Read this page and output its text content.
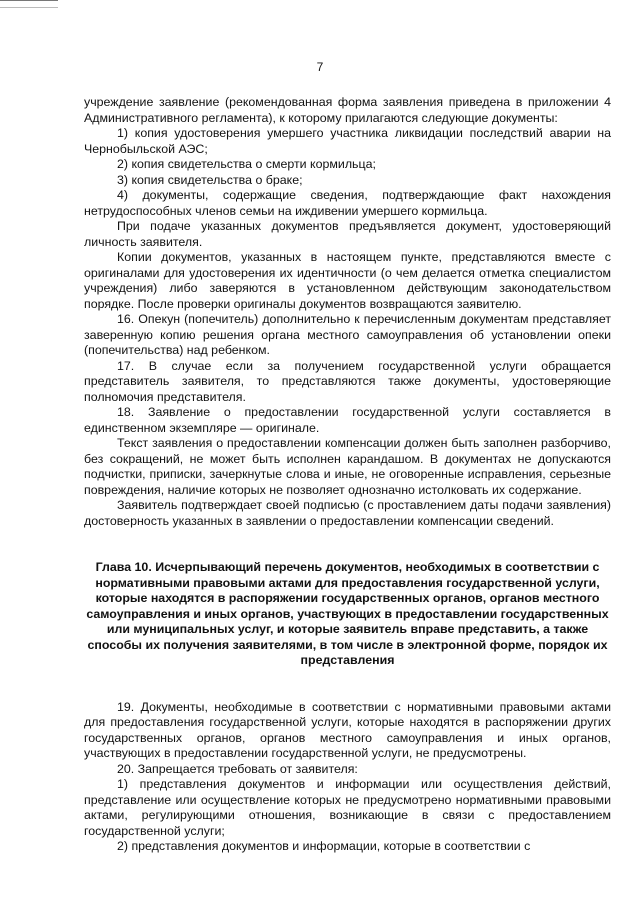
7

учреждение заявление (рекомендованная форма заявления приведена в приложении 4 Административного регламента), к которому прилагаются следующие документы:

1) копия удостоверения умершего участника ликвидации последствий аварии на Чернобыльской АЭС;

2) копия свидетельства о смерти кормильца;

3) копия свидетельства о браке;

4) документы, содержащие сведения, подтверждающие факт нахождения нетрудоспособных членов семьи на иждивении умершего кормильца.

При подаче указанных документов предъявляется документ, удостоверяющий личность заявителя.

Копии документов, указанных в настоящем пункте, представляются вместе с оригиналами для удостоверения их идентичности (о чем делается отметка специалистом учреждения) либо заверяются в установленном действующим законодательством порядке. После проверки оригиналы документов возвращаются заявителю.

16. Опекун (попечитель) дополнительно к перечисленным документам представляет заверенную копию решения органа местного самоуправления об установлении опеки (попечительства) над ребенком.

17. В случае если за получением государственной услуги обращается представитель заявителя, то представляются также документы, удостоверяющие полномочия представителя.

18. Заявление о предоставлении государственной услуги составляется в единственном экземпляре — оригинале.

Текст заявления о предоставлении компенсации должен быть заполнен разборчиво, без сокращений, не может быть исполнен карандашом. В документах не допускаются подчистки, приписки, зачеркнутые слова и иные, не оговоренные исправления, серьезные повреждения, наличие которых не позволяет однозначно истолковать их содержание.

Заявитель подтверждает своей подписью (с проставлением даты подачи заявления) достоверность указанных в заявлении о предоставлении компенсации сведений.

Глава 10. Исчерпывающий перечень документов, необходимых в соответствии с нормативными правовыми актами для предоставления государственной услуги, которые находятся в распоряжении государственных органов, органов местного самоуправления и иных органов, участвующих в предоставлении государственных или муниципальных услуг, и которые заявитель вправе представить, а также способы их получения заявителями, в том числе в электронной форме, порядок их представления

19. Документы, необходимые в соответствии с нормативными правовыми актами для предоставления государственной услуги, которые находятся в распоряжении других государственных органов, органов местного самоуправления и иных органов, участвующих в предоставлении государственной услуги, не предусмотрены.

20. Запрещается требовать от заявителя:

1) представления документов и информации или осуществления действий, представление или осуществление которых не предусмотрено нормативными правовыми актами, регулирующими отношения, возникающие в связи с предоставлением государственной услуги;

2) представления документов и информации, которые в соответствии с
